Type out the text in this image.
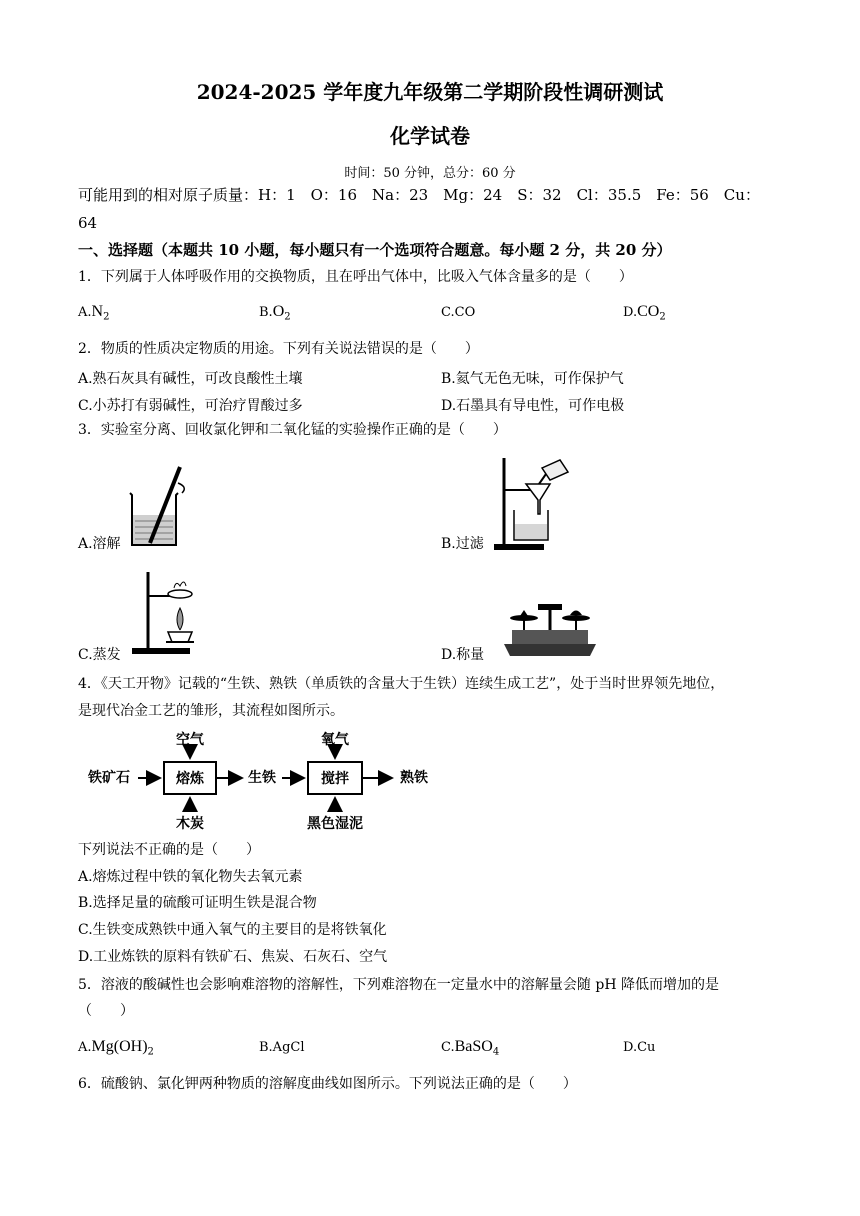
2024-2025 学年度九年级第二学期阶段性调研测试
化学试卷
时间：50 分钟，总分：60 分
可能用到的相对原子质量：H：1　O：16　Na：23　Mg：24　S：32　Cl：35.5　Fe：56　Cu：
64
一、选择题（本题共 10 小题，每小题只有一个选项符合题意。每小题 2 分，共 20 分）
1．下列属于人体呼吸作用的交换物质，且在呼出气体中，比吸入气体含量多的是（　　）
$A.N_2$	$B.O_2$	C.CO	$D.CO_2$
2．物质的性质决定物质的用途。下列有关说法错误的是（　　）
A.熟石灰具有碱性，可改良酸性土壤	B.氦气无色无味，可作保护气
C.小苏打有弱碱性，可治疗胃酸过多	D.石墨具有导电性，可作电极
3．实验室分离、回收氯化钾和二氧化锰的实验操作正确的是（　　）
A.溶解	B.过滤
C.蒸发	D.称量
4．《天工开物》记载的“生铁、熟铁（单质铁的含量大于生铁）连续生成工艺”，处于当时世界领先地位，
是现代冶金工艺的雏形，其流程如图所示。
铁矿石	熔炼
空气
木炭
生铁	搅拌
氧气
黑色湿泥
熟铁
下列说法不正确的是（　　）
A.熔炼过程中铁的氧化物失去氧元素
B.选择足量的硫酸可证明生铁是混合物
C.生铁变成熟铁中通入氧气的主要目的是将铁氧化
D.工业炼铁的原料有铁矿石、焦炭、石灰石、空气
5．溶液的酸碱性也会影响难溶物的溶解性，下列难溶物在一定量水中的溶解量会随 pH 降低而增加的是
（　　）
$A.Mg(OH)_2$	B.AgCl	C.BaSO$_4$	D.Cu
6．硫酸钠、氯化钾两种物质的溶解度曲线如图所示。下列说法正确的是（　　）
